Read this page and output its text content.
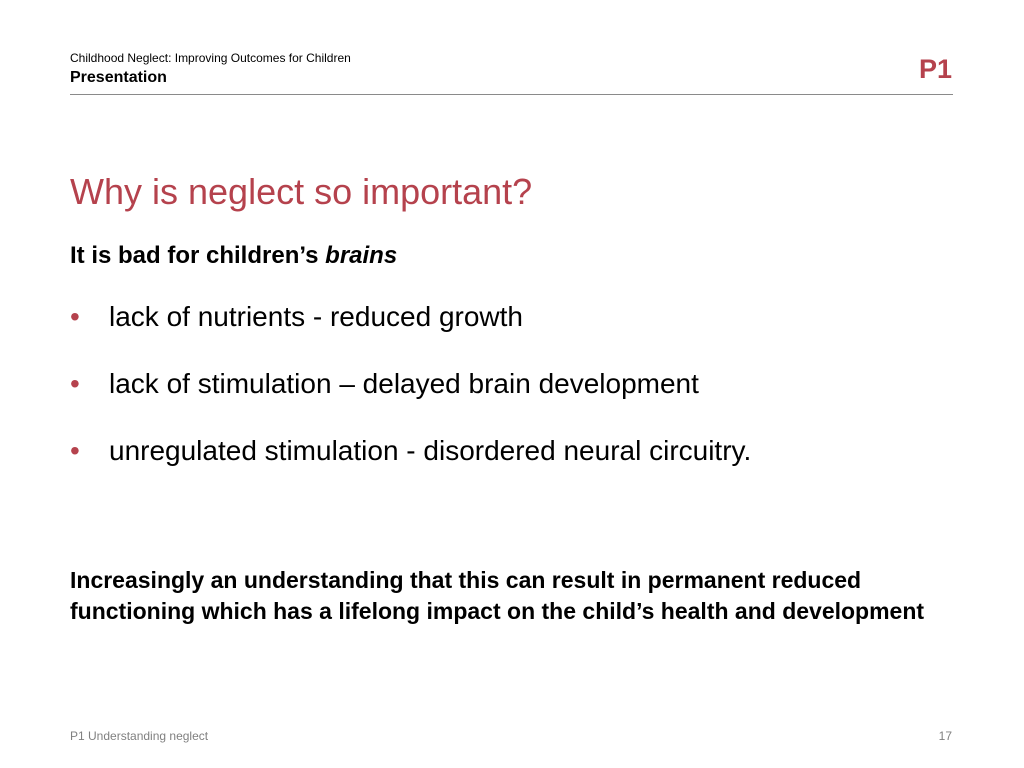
Childhood Neglect: Improving Outcomes for Children
Presentation	P1
Why is neglect so important?
It is bad for children’s brains
• lack of nutrients - reduced growth
• lack of stimulation – delayed brain development
• unregulated stimulation - disordered neural circuitry.

Increasingly an understanding that this can result in permanent reduced functioning which has a lifelong impact on the child’s health and development

P1 Understanding neglect	17
